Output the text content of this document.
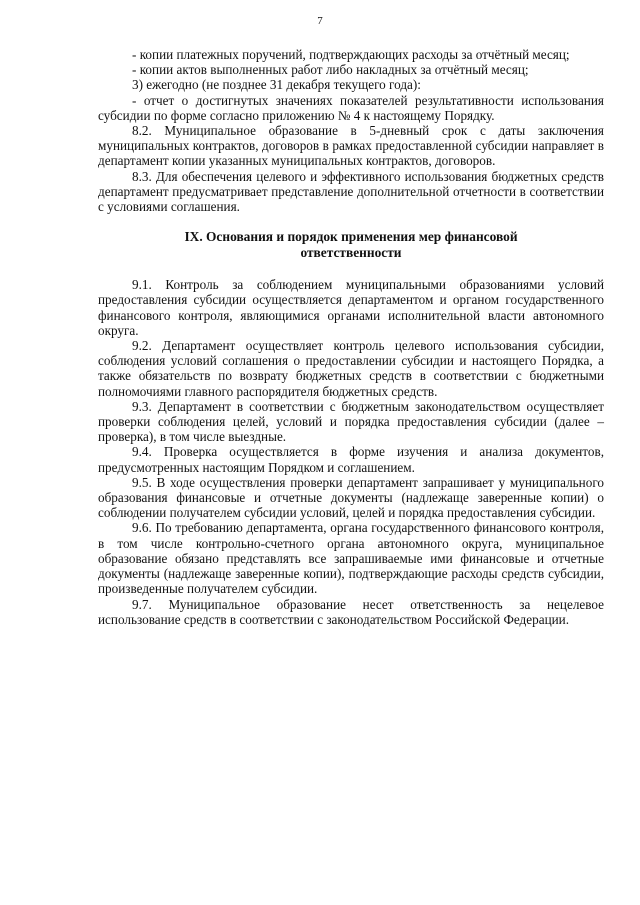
7

- копии платежных поручений, подтверждающих расходы за отчётный месяц;

- копии актов выполненных работ либо накладных за отчётный месяц;

3) ежегодно (не позднее 31 декабря текущего года):

- отчет о достигнутых значениях показателей результативности использования субсидии по форме согласно приложению № 4 к настоящему Порядку.

8.2. Муниципальное образование в 5-дневный срок с даты заключения муниципальных контрактов, договоров в рамках предоставленной субсидии направляет в департамент копии указанных муниципальных контрактов, договоров.

8.3. Для обеспечения целевого и эффективного использования бюджетных средств департамент предусматривает представление дополнительной отчетности в соответствии с условиями соглашения.

IX. Основания и порядок применения мер финансовой ответственности

9.1. Контроль за соблюдением муниципальными образованиями условий предоставления субсидии осуществляется департаментом и органом государственного финансового контроля, являющимися органами исполнительной власти автономного округа.

9.2. Департамент осуществляет контроль целевого использования субсидии, соблюдения условий соглашения о предоставлении субсидии и настоящего Порядка, а также обязательств по возврату бюджетных средств в соответствии с бюджетными полномочиями главного распорядителя бюджетных средств.

9.3. Департамент в соответствии с бюджетным законодательством осуществляет проверки соблюдения целей, условий и порядка предоставления субсидии (далее – проверка), в том числе выездные.

9.4. Проверка осуществляется в форме изучения и анализа документов, предусмотренных настоящим Порядком и соглашением.

9.5. В ходе осуществления проверки департамент запрашивает у муниципального образования финансовые и отчетные документы (надлежаще заверенные копии) о соблюдении получателем субсидии условий, целей и порядка предоставления субсидии.

9.6. По требованию департамента, органа государственного финансового контроля, в том числе контрольно-счетного органа автономного округа, муниципальное образование обязано представлять все запрашиваемые ими финансовые и отчетные документы (надлежаще заверенные копии), подтверждающие расходы средств субсидии, произведенные получателем субсидии.

9.7. Муниципальное образование несет ответственность за нецелевое использование средств в соответствии с законодательством Российской Федерации.
